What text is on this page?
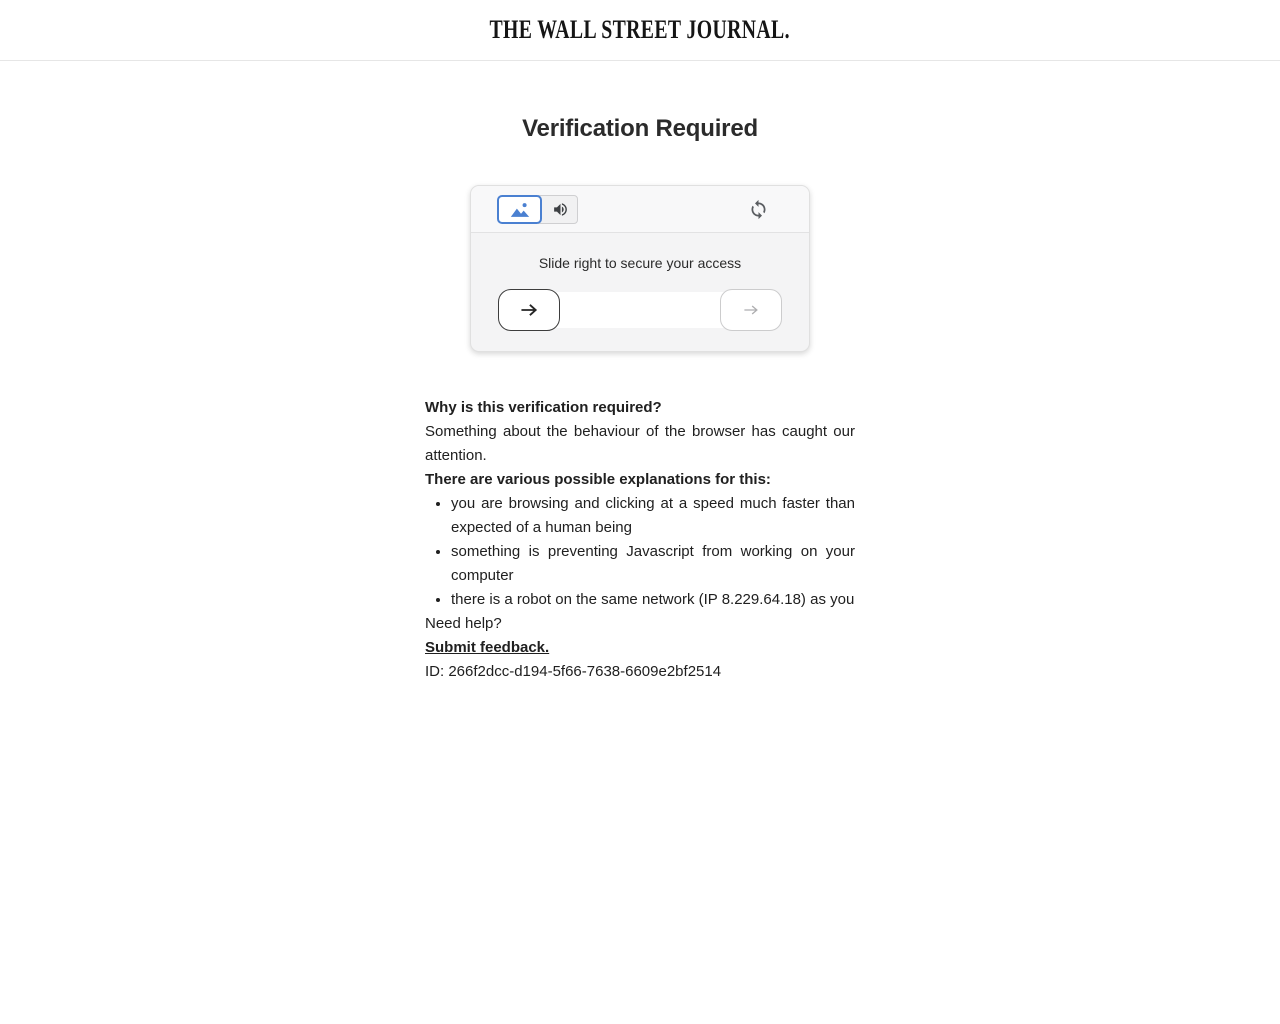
THE WALL STREET JOURNAL.
Verification Required
Slide right to secure your access

Why is this verification required?

Something about the behaviour of the browser has caught our attention.

There are various possible explanations for this:

• you are browsing and clicking at a speed much faster than expected of a human being
• something is preventing Javascript from working on your computer
• there is a robot on the same network (IP 8.229.64.18) as you

Need help?

Submit feedback.

ID: 266f2dcc-d194-5f66-7638-6609e2bf2514
